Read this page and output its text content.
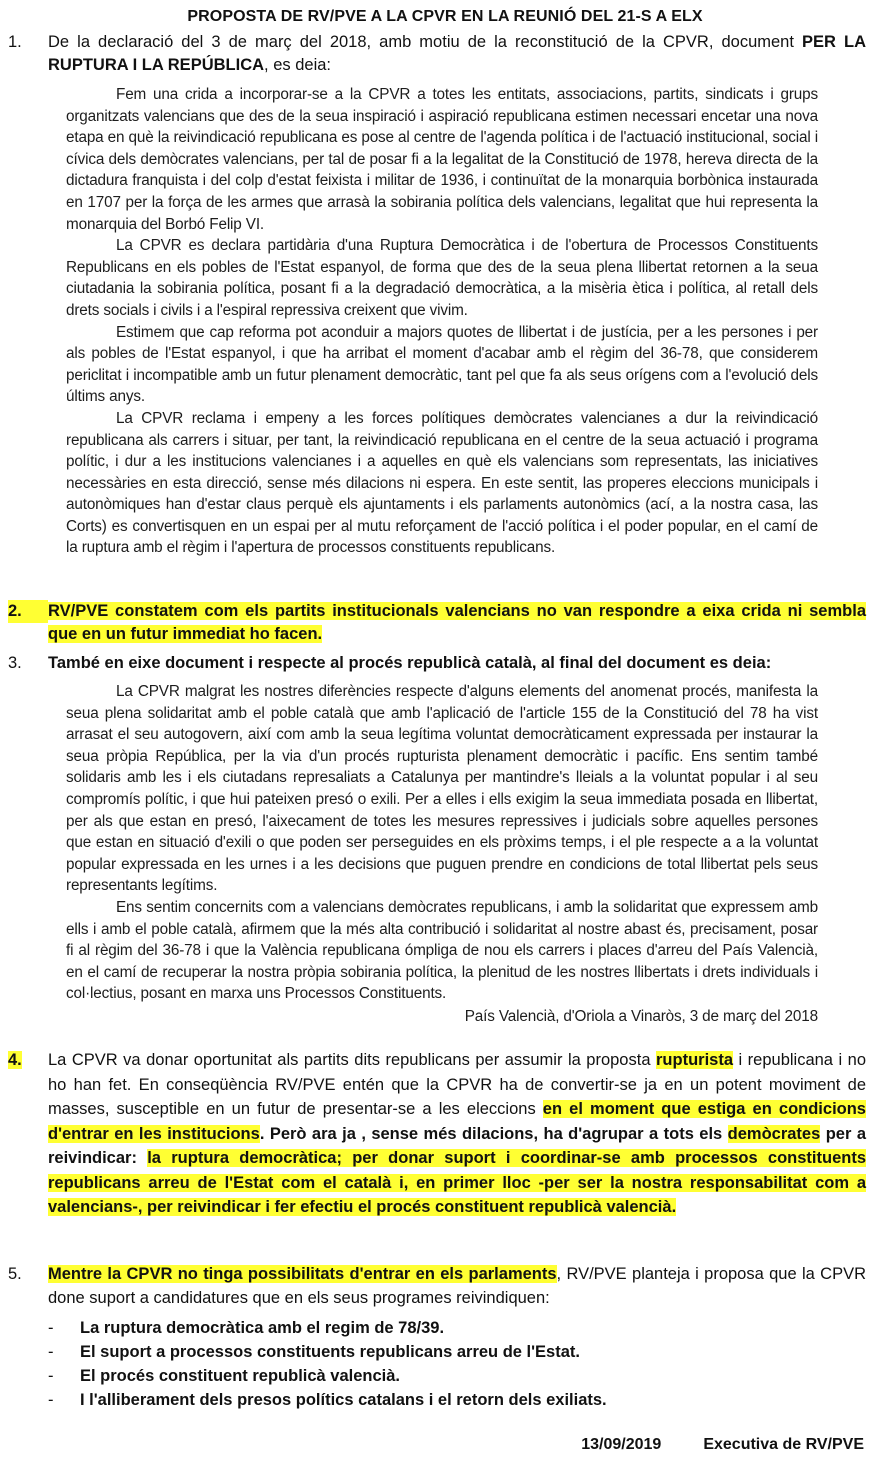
PROPOSTA DE RV/PVE A LA CPVR EN LA REUNIÓ DEL 21-S A ELX
1.	De la declaració del 3 de març del 2018, amb motiu de la reconstitució de la CPVR, document PER LA RUPTURA I LA REPÚBLICA, es deia:

Fem una crida a incorporar-se a la CPVR a totes les entitats, associacions, partits, sindicats i grups organitzats valencians que des de la seua inspiració i aspiració republicana estimen necessari encetar una nova etapa en què la reivindicació republicana es pose al centre de l'agenda política i de l'actuació institucional, social i cívica dels demòcrates valencians, per tal de posar fi a la legalitat de la Constitució de 1978, hereva directa de la dictadura franquista i del colp d'estat feixista i militar de 1936, i continuïtat de la monarquia borbònica instaurada en 1707 per la força de les armes que arrasà la sobirania política dels valencians, legalitat que hui representa la monarquia del Borbó Felip VI.

La CPVR es declara partidària d'una Ruptura Democràtica i de l'obertura de Processos Constituents Republicans en els pobles de l'Estat espanyol, de forma que des de la seua plena llibertat retornen a la seua ciutadania la sobirania política, posant fi a la degradació democràtica, a la misèria ètica i política, al retall dels drets socials i civils i a l'espiral repressiva creixent que vivim.

Estimem que cap reforma pot aconduir a majors quotes de llibertat i de justícia, per a les persones i per als pobles de l'Estat espanyol, i que ha arribat el moment d'acabar amb el règim del 36-78, que considerem periclitat i incompatible amb un futur plenament democràtic, tant pel que fa als seus orígens com a l'evolució dels últims anys.

La CPVR reclama i empeny a les forces polítiques demòcrates valencianes a dur la reivindicació republicana als carrers i situar, per tant, la reivindicació republicana en el centre de la seua actuació i programa polític, i dur a les institucions valencianes i a aquelles en què els valencians som representats, las iniciatives necessàries en esta direcció, sense més dilacions ni espera. En este sentit, las properes eleccions municipals i autonòmiques han d'estar claus perquè els ajuntaments i els parlaments autonòmics (ací, a la nostra casa, las Corts) es convertisquen en un espai per al mutu reforçament de l'acció política i el poder popular, en el camí de la ruptura amb el règim i l'apertura de processos constituents republicans.

2.	RV/PVE constatem com els partits institucionals valencians no van respondre a eixa crida ni sembla que en un futur immediat ho facen.
3.	També en eixe document i respecte al procés republicà català, al final del document es deia:

La CPVR malgrat les nostres diferències respecte d'alguns elements del anomenat procés, manifesta la seua plena solidaritat amb el poble català que amb l'aplicació de l'article 155 de la Constitució del 78 ha vist arrasat el seu autogovern, així com amb la seua legítima voluntat democràticament expressada per instaurar la seua pròpia República, per la via d'un procés rupturista plenament democràtic i pacífic. Ens sentim també solidaris amb les i els ciutadans represaliats a Catalunya per mantindre's lleials a la voluntat popular i al seu compromís polític, i que hui pateixen presó o exili. Per a elles i ells exigim la seua immediata posada en llibertat, per als que estan en presó, l'aixecament de totes les mesures repressives i judicials sobre aquelles persones que estan en situació d'exili o que poden ser perseguides en els pròxims temps, i el ple respecte a a la voluntat popular expressada en les urnes i a les decisions que puguen prendre en condicions de total llibertat pels seus representants legítims.

Ens sentim concernits com a valencians demòcrates republicans, i amb la solidaritat que expressem amb ells i amb el poble català, afirmem que la més alta contribució i solidaritat al nostre abast és, precisament, posar fi al règim del 36-78 i que la València republicana ómpliga de nou els carrers i places d'arreu del País Valencià, en el camí de recuperar la nostra pròpia sobirania política, la plenitud de les nostres llibertats i drets individuals i col·lectius, posant en marxa uns Processos Constituents.

País Valencià, d'Oriola a Vinaròs, 3 de març del 2018
4.	La CPVR va donar oportunitat als partits dits republicans per assumir la proposta rupturista i republicana i no ho han fet. En conseqüència RV/PVE entén que la CPVR ha de convertir-se ja en un potent moviment de masses, susceptible en un futur de presentar-se a les eleccions en el moment que estiga en condicions d'entrar en les institucions. Però ara ja , sense més dilacions, ha d'agrupar a tots els demòcrates per a reivindicar: la ruptura democràtica; per donar suport i coordinar-se amb processos constituents republicans arreu de l'Estat com el català i, en primer lloc -per ser la nostra responsabilitat com a valencians-, per reivindicar i fer efectiu el procés constituent republicà valencià.
5.	Mentre la CPVR no tinga possibilitats d'entrar en els parlaments, RV/PVE planteja i proposa que la CPVR done suport a candidatures que en els seus programes reivindiquen:
- La ruptura democràtica amb el regim de 78/39.
- El suport a processos constituents republicans arreu de l'Estat.
- El procés constituent republicà valencià.
- I l'alliberament dels presos polítics catalans i el retorn dels exiliats.
13/09/2019	Executiva de RV/PVE
